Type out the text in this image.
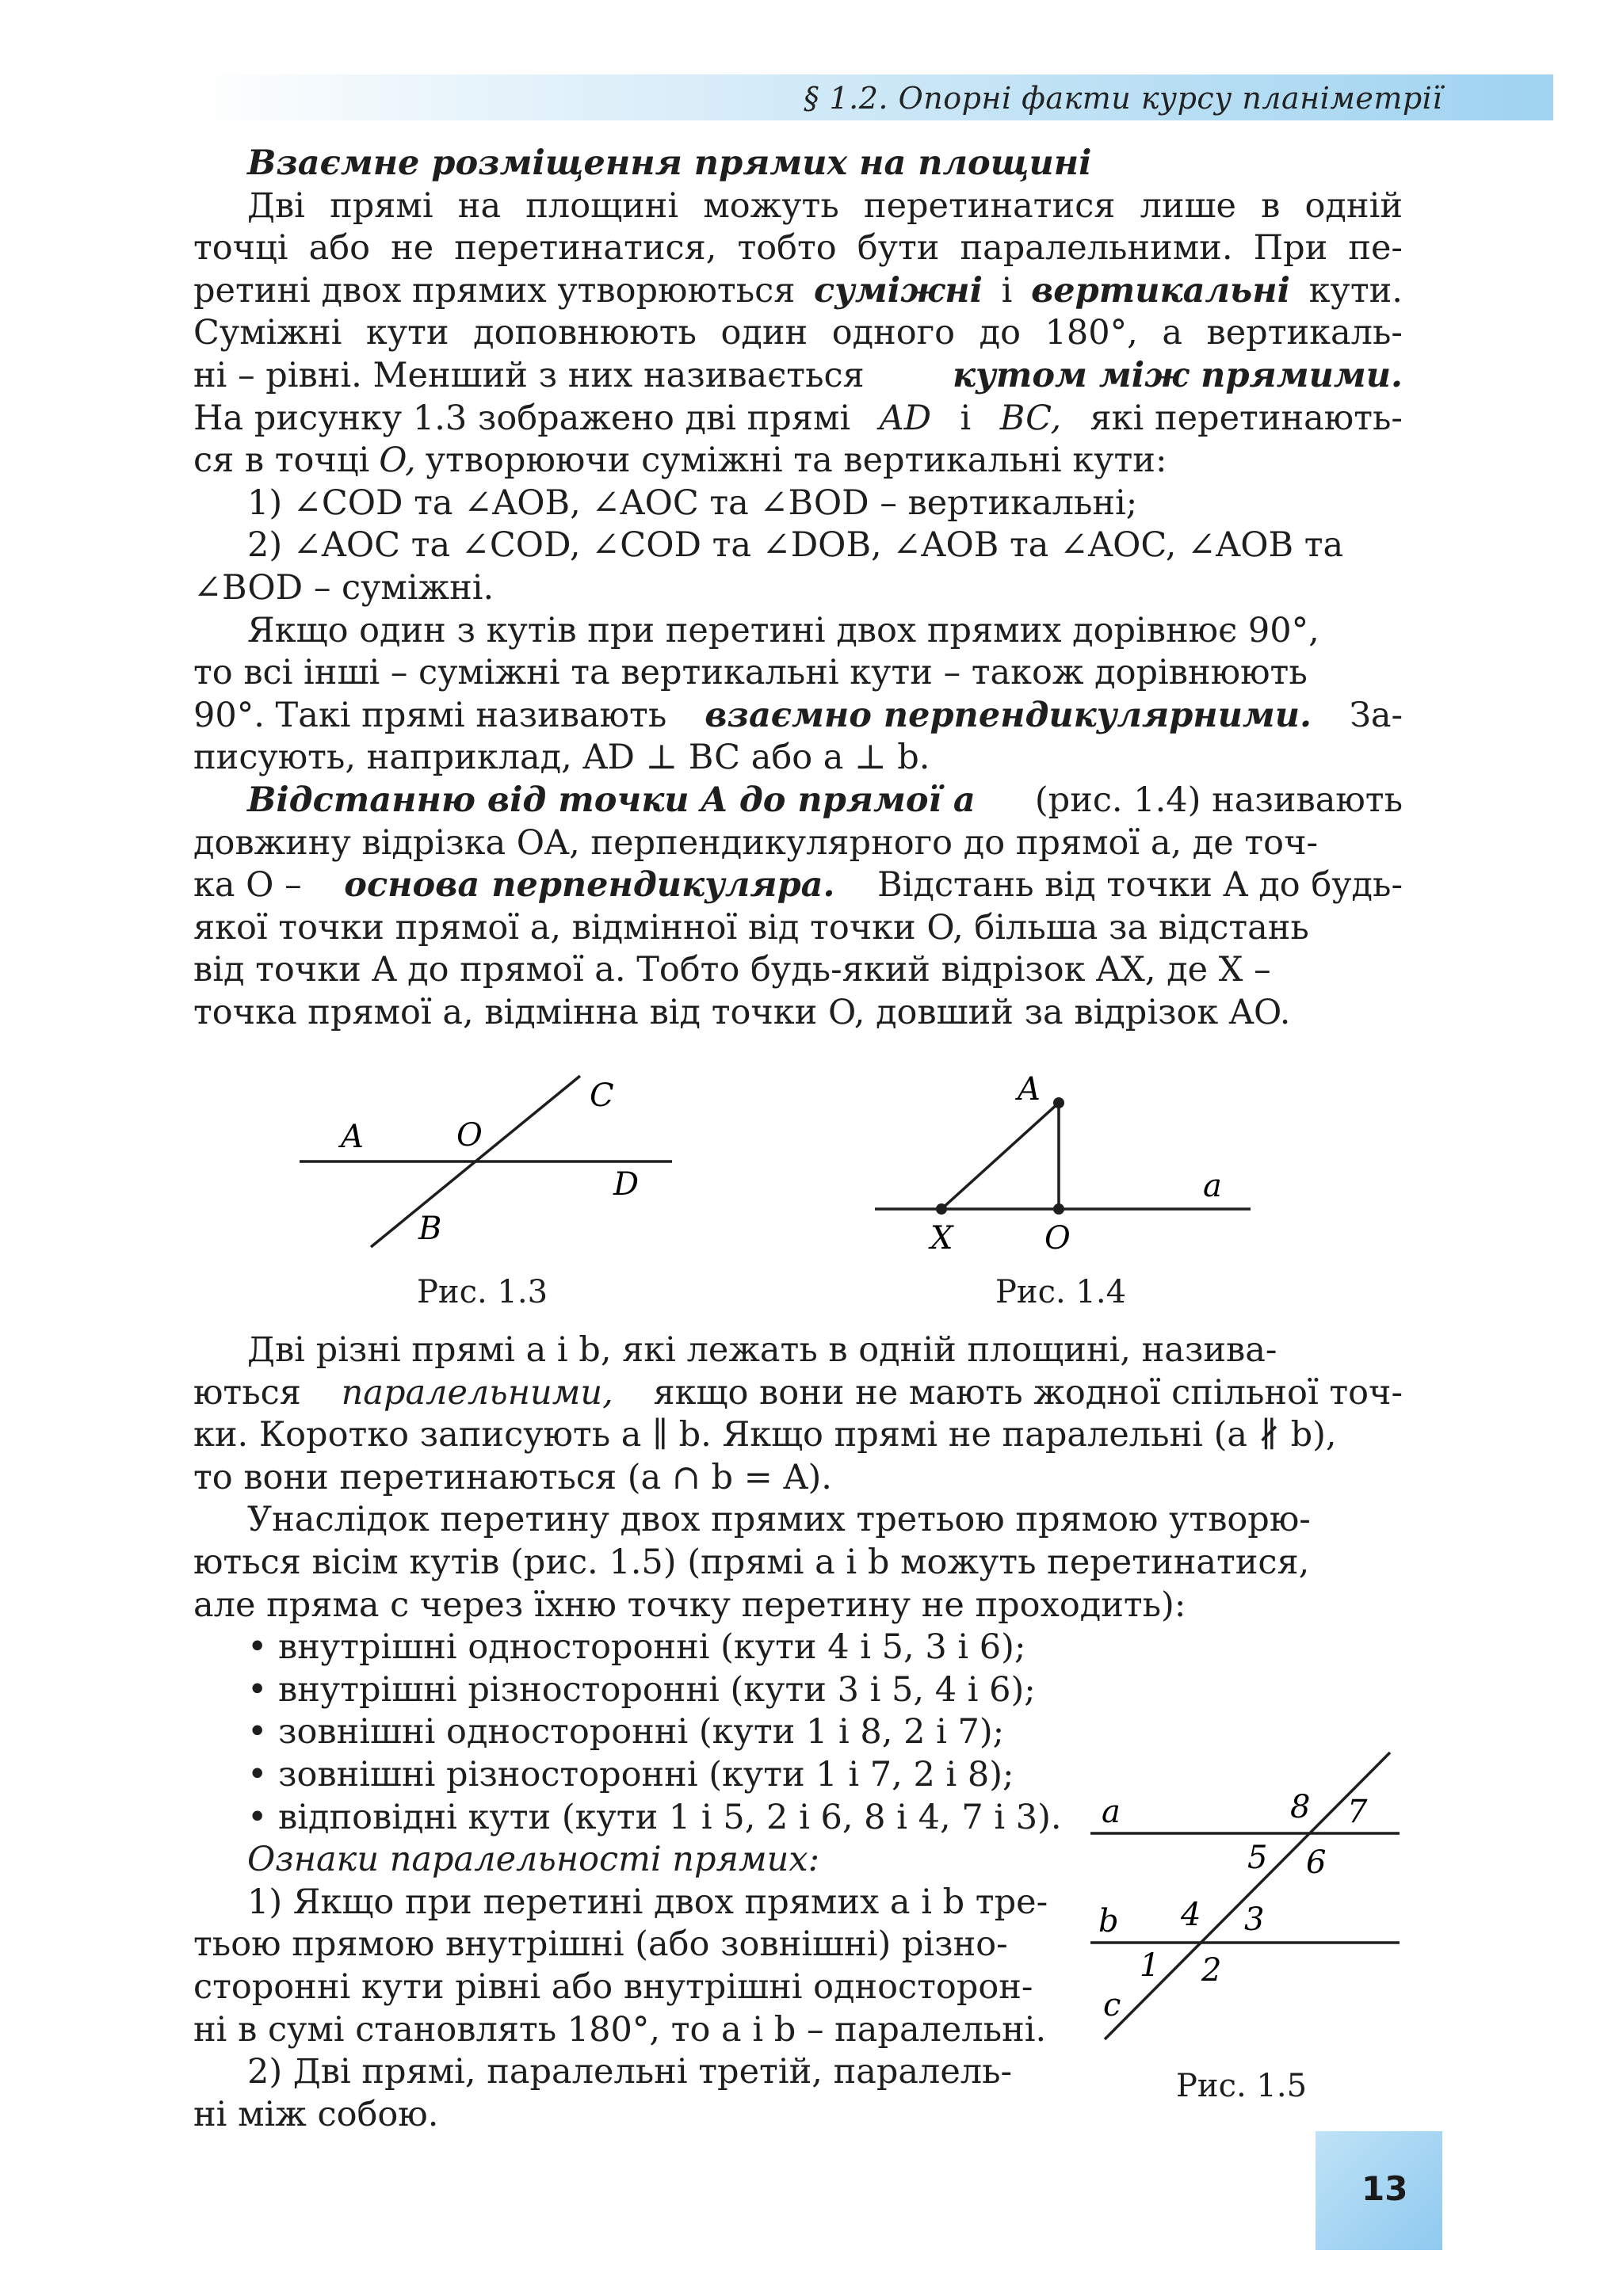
§ 1.2. Опорні факти курсу планіметрії
Взаємне розміщення прямих на площині
Дві прямі на площині можуть перетинатися лише в одній
точці або не перетинатися, тобто бути паралельними. При пе-
ретині двох прямих утворюються суміжні і вертикальні кути.
Суміжні кути доповнюють один одного до 180°, а вертикаль-
ні – рівні. Менший з них називається	кутом між прямими.
На рисунку 1.3 зображено дві прямі AD і BC, які перетинають-
ся в точці O, утворюючи суміжні та вертикальні кути:
1) ∠COD та ∠AOB, ∠AOC та ∠BOD – вертикальні;
2) ∠AOC та ∠COD, ∠COD та ∠DOB, ∠AOB та ∠AOC, ∠AOB та
∠BOD – суміжні.
Якщо один з кутів при перетині двох прямих дорівнює 90°,
то всі інші – суміжні та вертикальні кути – також дорівнюють
90°. Такі прямі називають взаємно перпендикулярними. За-
писують, наприклад, AD ⊥ BC або a ⊥ b.
Відстанню від точки A до прямої a (рис. 1.4) називають
довжину відрізка OA, перпендикулярного до прямої a, де точ-
ка O – основа перпендикуляра. Відстань від точки A до будь-
якої точки прямої a, відмінної від точки O, більша за відстань
від точки A до прямої a. Тобто будь-який відрізок AX, де X –
точка прямої a, відмінна від точки O, довший за відрізок AO.
A	O
C
D
B
A
a
X	O
a
b
c
8 7
5 6
4 3
1 2
Рис. 1.3	Рис. 1.4
Рис. 1.5
Дві різні прямі a і b, які лежать в одній площині, назива-
ються паралельними, якщо вони не мають жодної спільної точ-
ки. Коротко записують a ∥ b. Якщо прямі не паралельні (a ∦ b),
то вони перетинаються (a ∩ b = A).
Унаслідок перетину двох прямих третьою прямою утворю-
ються вісім кутів (рис. 1.5) (прямі a і b можуть перетинатися,
але пряма c через їхню точку перетину не проходить):
• внутрішні односторонні (кути 4 і 5, 3 і 6);
• внутрішні різносторонні (кути 3 і 5, 4 і 6);
• зовнішні односторонні (кути 1 і 8, 2 і 7);
• зовнішні різносторонні (кути 1 і 7, 2 і 8);
• відповідні кути (кути 1 і 5, 2 і 6, 8 і 4, 7 і 3).
Ознаки паралельності прямих:
1) Якщо при перетині двох прямих a і b тре-
тьою прямою внутрішні (або зовнішні) різно-
сторонні кути рівні або внутрішні односторон-
ні в сумі становлять 180°, то a і b – паралельні.
2) Дві прямі, паралельні третій, паралель-
ні між собою.
13
